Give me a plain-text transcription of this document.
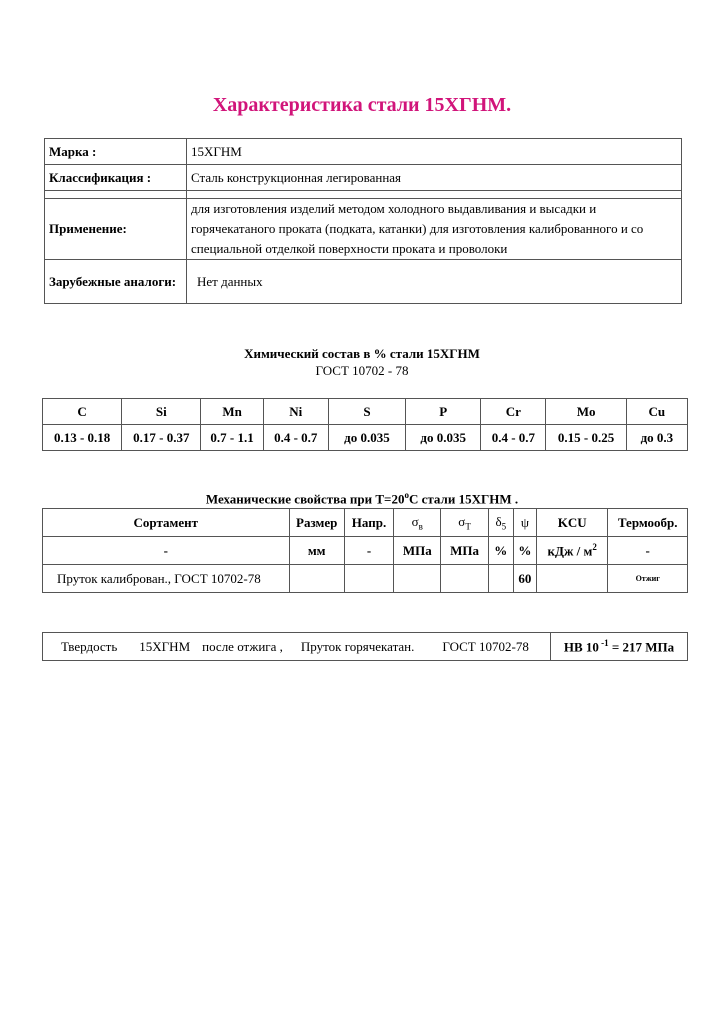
Характеристика стали 15ХГНМ.
Марка :	15ХГНМ
Классификация :	Сталь конструкционная легированная

Применение:	для изготовления изделий методом холодного выдавливания и высадки и горячекатаного проката (подката, катанки) для изготовления калиброванного и со специальной отделкой поверхности проката и проволоки
Зарубежные аналоги:	Нет данных
Химический состав в % стали 15ХГНМ
ГОСТ 10702 - 78
C	Si	Mn	Ni	S	P	Cr	Mo	Cu
0.13 - 0.18	0.17 - 0.37	0.7 - 1.1	0.4 - 0.7	до 0.035	до 0.035	0.4 - 0.7	0.15 - 0.25	до 0.3
Механические свойства при $Т=20^oС$ стали 15ХГНМ .
Сортамент	Размер	Напр.	$\sigma_в$	$\sigma_T$	$\delta_5$	ψ	KCU	Термообр.
-	мм	-	МПа	МПа	%	%	кДж / $м^2$	-
Пруток калиброван., ГОСТ 10702-78						60		Отжиг
Твердость 15ХГНМ после отжига , Пруток горячекатан. ГОСТ 10702-78	НВ 10 $^{-1}$ = 217 МПа
